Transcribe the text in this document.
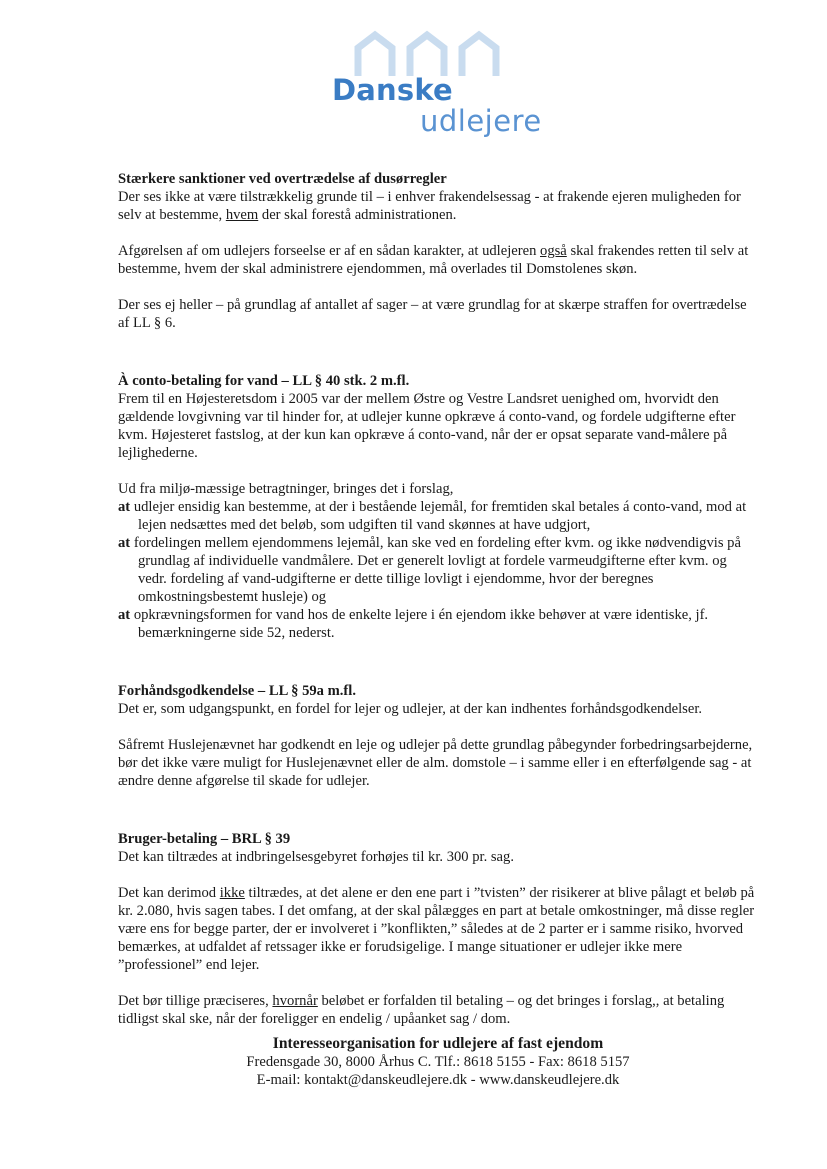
Danske
udlejere
Stærkere sanktioner ved overtrædelse af dusørregler

Der ses ikke at være tilstrækkelig grunde til – i enhver frakendelsessag - at frakende ejeren muligheden for selv at bestemme, hvem der skal forestå administrationen.

Afgørelsen af om udlejers forseelse er af en sådan karakter, at udlejeren også skal frakendes retten til selv at bestemme, hvem der skal administrere ejendommen, må overlades til Domstolenes skøn.

Der ses ej heller – på grundlag af antallet af sager – at være grundlag for at skærpe straffen for overtrædelse af LL § 6.

À conto-betaling for vand – LL § 40 stk. 2 m.fl.

Frem til en Højesteretsdom i 2005 var der mellem Østre og Vestre Landsret uenighed om, hvorvidt den gældende lovgivning var til hinder for, at udlejer kunne opkræve á conto-vand, og fordele udgifterne efter kvm. Højesteret fastslog, at der kun kan opkræve á conto-vand, når der er opsat separate vand-målere på lejlighederne.

Ud fra miljø-mæssige betragtninger, bringes det i forslag,

at udlejer ensidig kan bestemme, at der i bestående lejemål, for fremtiden skal betales á conto-vand, mod at lejen nedsættes med det beløb, som udgiften til vand skønnes at have udgjort,
at fordelingen mellem ejendommens lejemål, kan ske ved en fordeling efter kvm. og ikke nødvendigvis på grundlag af individuelle vandmålere. Det er generelt lovligt at fordele varmeudgifterne efter kvm. og vedr. fordeling af vand-udgifterne er dette tillige lovligt i ejendomme, hvor der beregnes omkostningsbestemt husleje) og
at opkrævningsformen for vand hos de enkelte lejere i én ejendom ikke behøver at være identiske, jf. bemærkningerne side 52, nederst.
Forhåndsgodkendelse – LL § 59a m.fl.

Det er, som udgangspunkt, en fordel for lejer og udlejer, at der kan indhentes forhåndsgodkendelser.

Såfremt Huslejenævnet har godkendt en leje og udlejer på dette grundlag påbegynder forbedringsarbejderne, bør det ikke være muligt for Huslejenævnet eller de alm. domstole – i samme eller i en efterfølgende sag - at ændre denne afgørelse til skade for udlejer.

Bruger-betaling – BRL § 39

Det kan tiltrædes at indbringelsesgebyret forhøjes til kr. 300 pr. sag.

Det kan derimod ikke tiltrædes, at det alene er den ene part i ”tvisten” der risikerer at blive pålagt et beløb på kr. 2.080, hvis sagen tabes. I det omfang, at der skal pålægges en part at betale omkostninger, må disse regler være ens for begge parter, der er involveret i ”konflikten,” således at de 2 parter er i samme risiko, hvorved bemærkes, at udfaldet af retssager ikke er forudsigelige. I mange situationer er udlejer ikke mere ”professionel” end lejer.

Det bør tillige præciseres, hvornår beløbet er forfalden til betaling – og det bringes i forslag,, at betaling tidligst skal ske, når der foreligger en endelig / upåanket sag / dom.

Interesseorganisation for udlejere af fast ejendom
Fredensgade 30, 8000 Århus C. Tlf.: 8618 5155 - Fax: 8618 5157
E-mail: kontakt@danskeudlejere.dk - www.danskeudlejere.dk
